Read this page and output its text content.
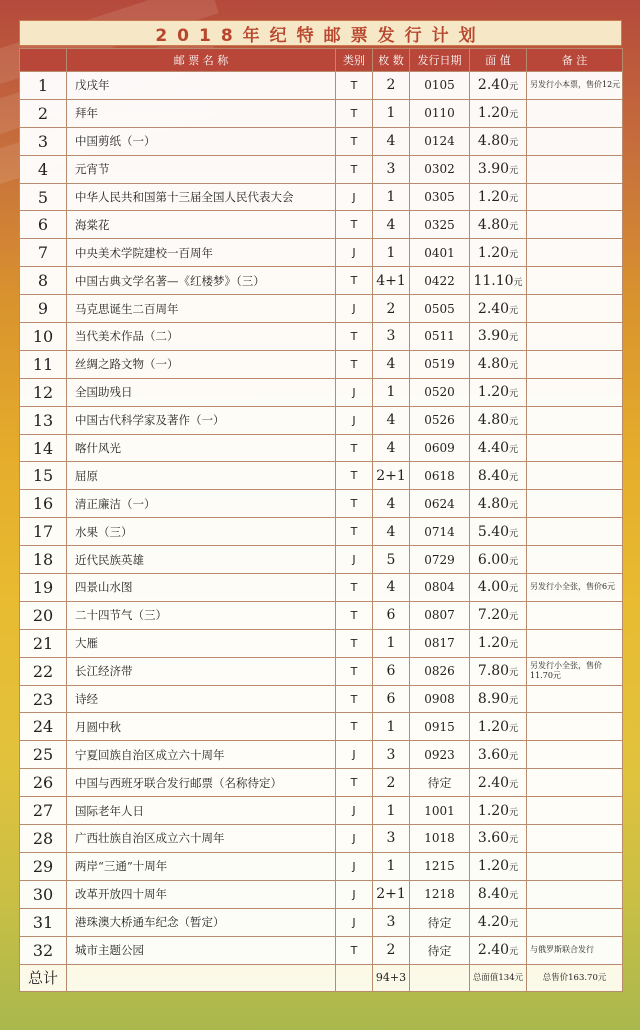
2018年纪特邮票发行计划
	邮 票 名 称	类别	枚 数	发行日期	面 值	备 注
1	戊戌年	T	2	0105	2.40元	另发行小本票，售价12元
2	拜年	T	1	0110	1.20元	
3	中国剪纸（一）	T	4	0124	4.80元	
4	元宵节	T	3	0302	3.90元	
5	中华人民共和国第十三届全国人民代表大会	J	1	0305	1.20元	
6	海棠花	T	4	0325	4.80元	
7	中央美术学院建校一百周年	J	1	0401	1.20元	
8	中国古典文学名著—《红楼梦》（三）	T	4+1	0422	11.10元	
9	马克思诞生二百周年	J	2	0505	2.40元	
10	当代美术作品（二）	T	3	0511	3.90元	
11	丝绸之路文物（一）	T	4	0519	4.80元	
12	全国助残日	J	1	0520	1.20元	
13	中国古代科学家及著作（一）	J	4	0526	4.80元	
14	喀什风光	T	4	0609	4.40元	
15	屈原	T	2+1	0618	8.40元	
16	清正廉洁（一）	T	4	0624	4.80元	
17	水果（三）	T	4	0714	5.40元	
18	近代民族英雄	J	5	0729	6.00元	
19	四景山水图	T	4	0804	4.00元	另发行小全张，售价6元
20	二十四节气（三）	T	6	0807	7.20元	
21	大雁	T	1	0817	1.20元	
22	长江经济带	T	6	0826	7.80元	另发行小全张，售价11.70元
23	诗经	T	6	0908	8.90元	
24	月圆中秋	T	1	0915	1.20元	
25	宁夏回族自治区成立六十周年	J	3	0923	3.60元	
26	中国与西班牙联合发行邮票（名称待定）	T	2	待定	2.40元	
27	国际老年人日	J	1	1001	1.20元	
28	广西壮族自治区成立六十周年	J	3	1018	3.60元	
29	两岸“三通”十周年	J	1	1215	1.20元	
30	改革开放四十周年	J	2+1	1218	8.40元	
31	港珠澳大桥通车纪念（暂定）	J	3	待定	4.20元	
32	城市主题公园	T	2	待定	2.40元	与俄罗斯联合发行
总计			94+3		总面值134元	总售价163.70元
